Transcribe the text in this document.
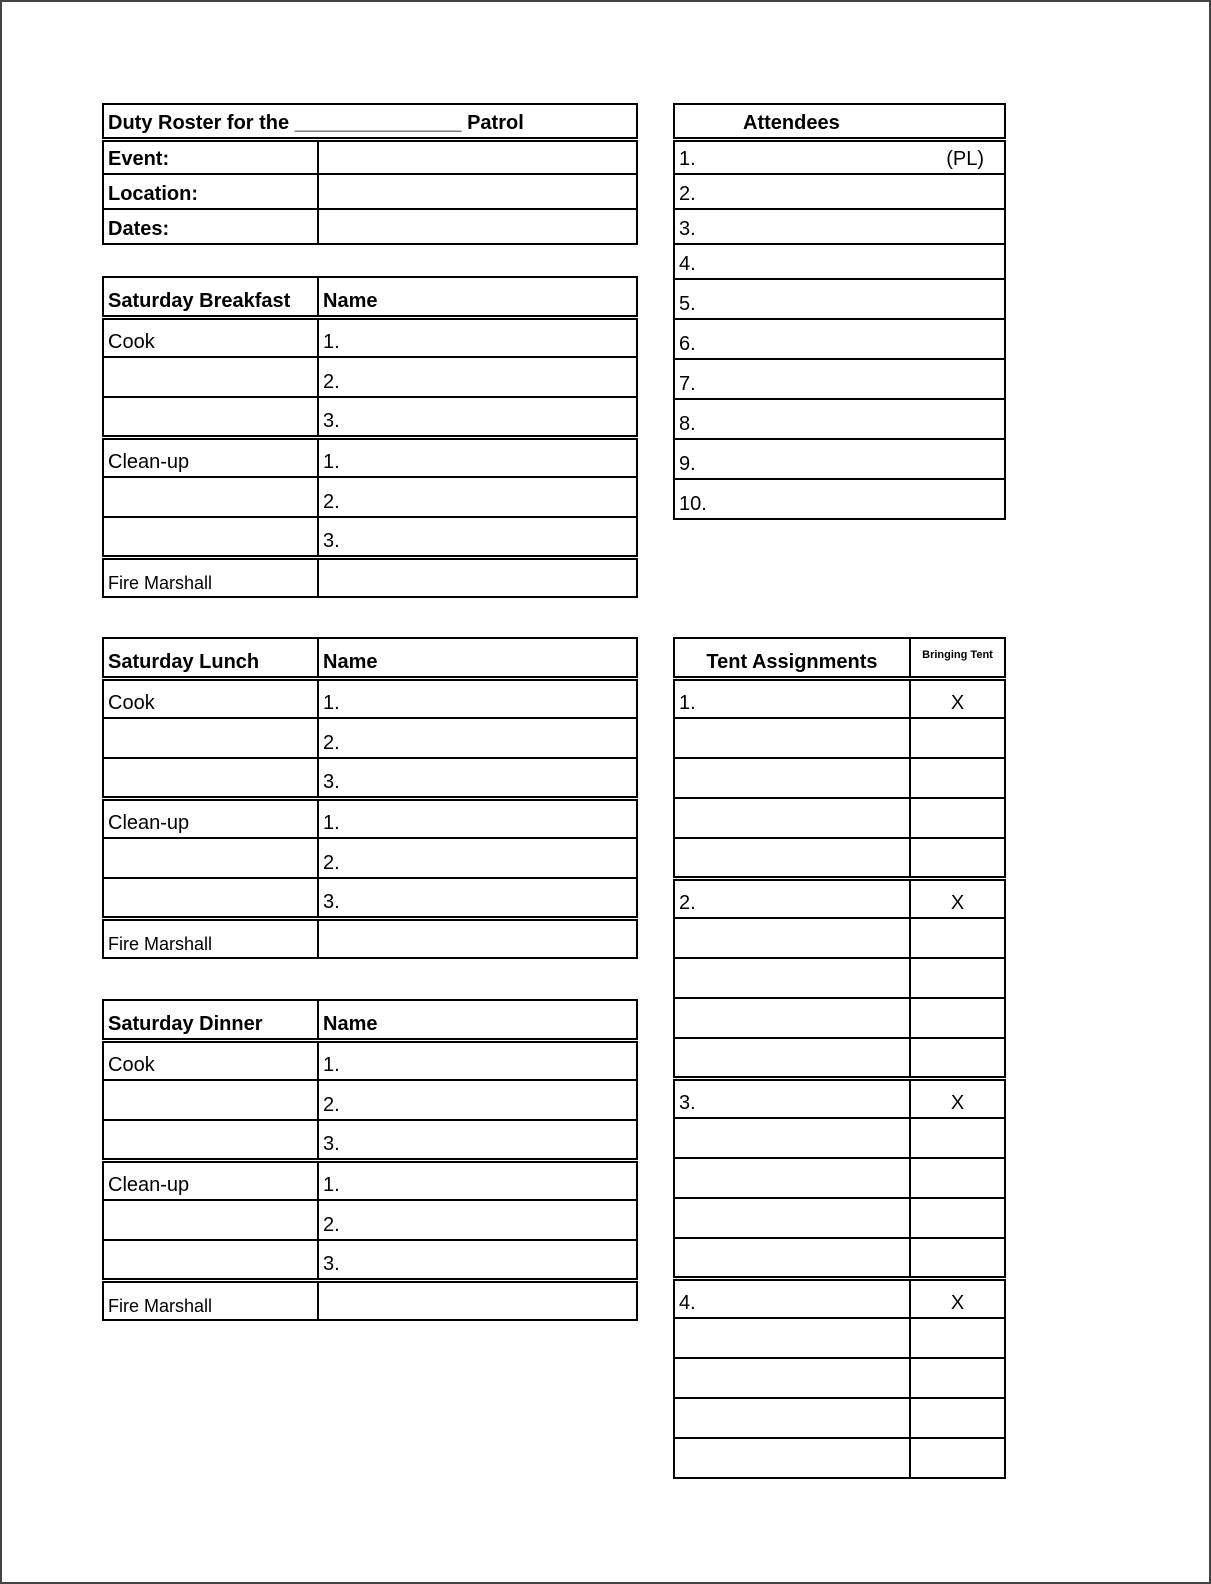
Duty Roster for the _______________ Patrol	
Event:	
Location:	
Dates:	
Attendees

1.	(PL)

2.
3.
4.
5.
6.
7.
8.
9.
10.
Saturday Breakfast	Name
Cook	1.
	2.
	3.
Clean-up	1.
	2.
	3.
Fire Marshall	
Saturday Lunch	Name
Cook	1.
	2.
	3.
Clean-up	1.
	2.
	3.
Fire Marshall	
Saturday Dinner	Name
Cook	1.
	2.
	3.
Clean-up	1.
	2.
	3.
Fire Marshall	
Tent Assignments	Bringing Tent
1.	X

2.	X

3.	X

4.	X
